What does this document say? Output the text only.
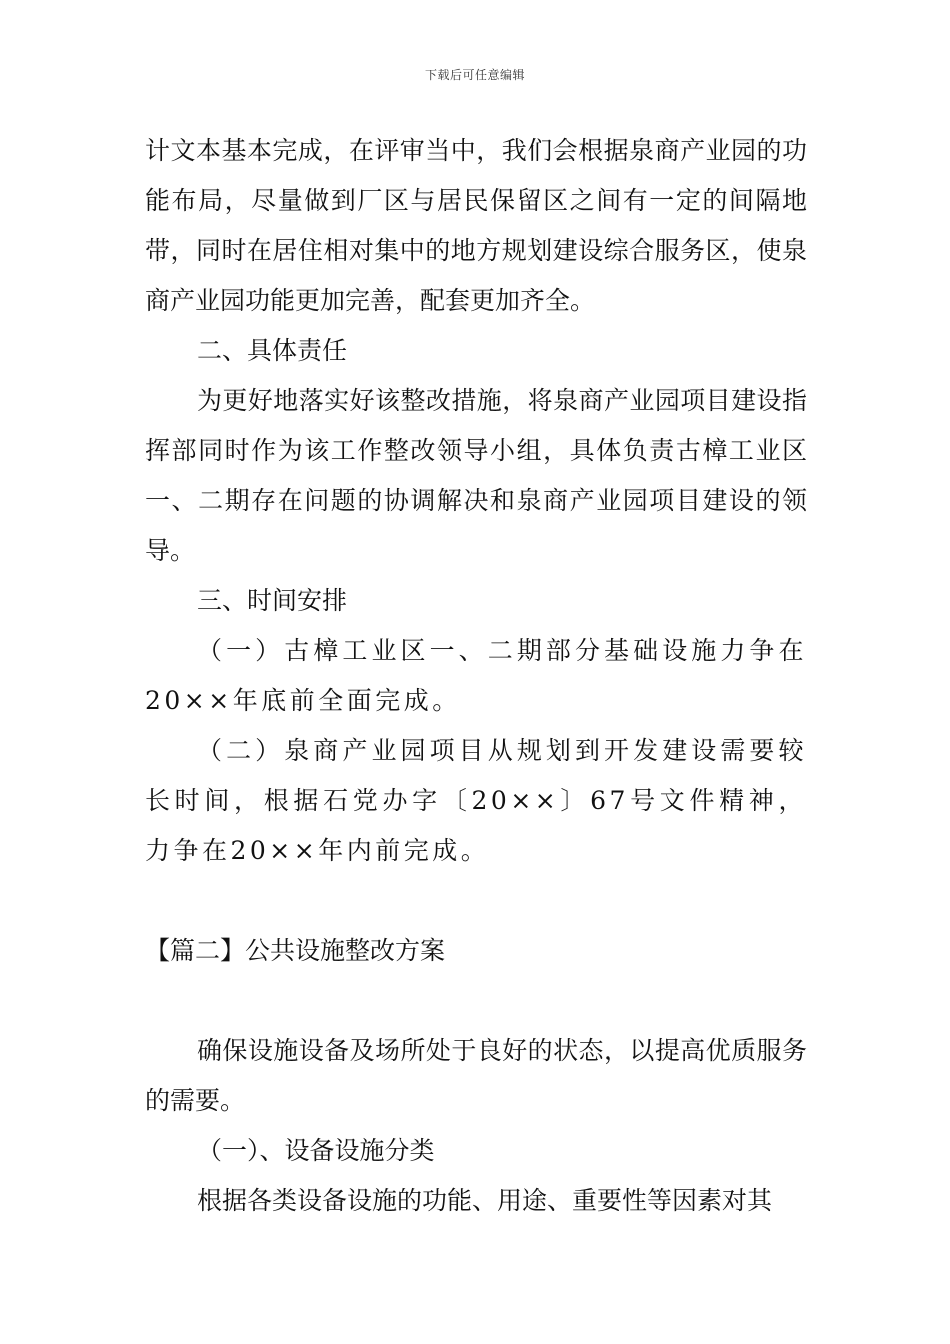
下载后可任意编辑

计文本基本完成，在评审当中，我们会根据泉商产业园的功能布局，尽量做到厂区与居民保留区之间有一定的间隔地带，同时在居住相对集中的地方规划建设综合服务区，使泉商产业园功能更加完善，配套更加齐全。

二、具体责任

为更好地落实好该整改措施，将泉商产业园项目建设指挥部同时作为该工作整改领导小组，具体负责古樟工业区一、二期存在问题的协调解决和泉商产业园项目建设的领导。

三、时间安排

（一）古樟工业区一、二期部分基础设施力争在20××年底前全面完成。

（二）泉商产业园项目从规划到开发建设需要较长时间，根据石党办字〔20××〕67号文件精神，力争在20××年内前完成。

【篇二】公共设施整改方案

确保设施设备及场所处于良好的状态，以提高优质服务的需要。

（一）、设备设施分类

根据各类设备设施的功能、用途、重要性等因素对其
